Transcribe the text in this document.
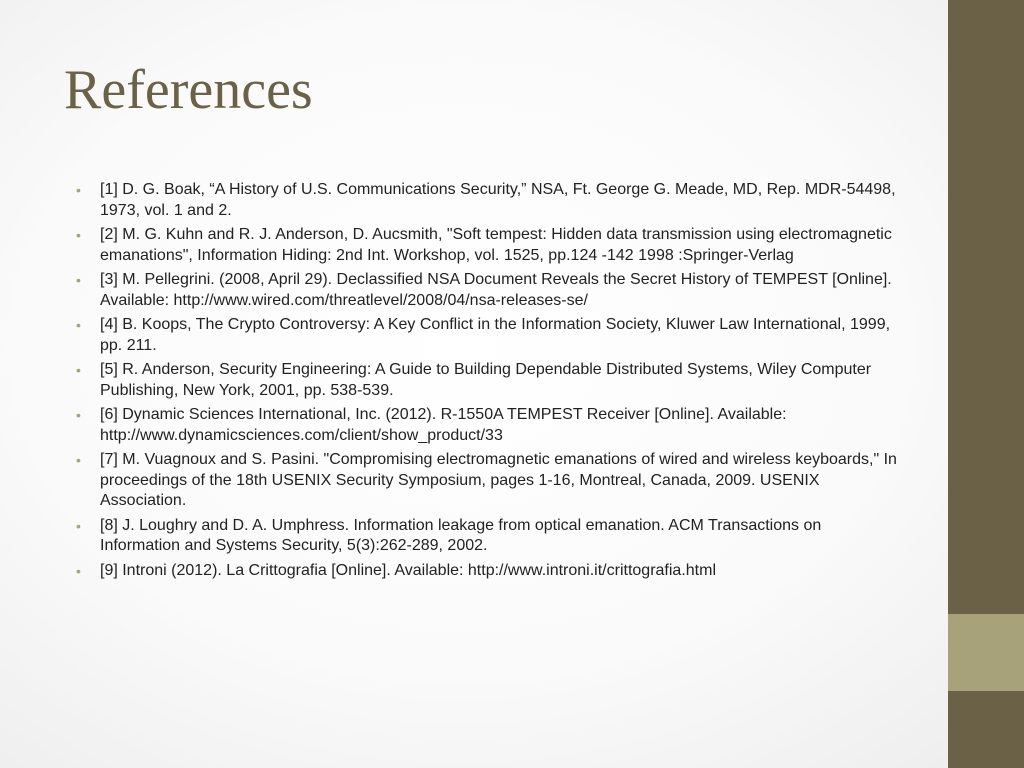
References
• [1] D. G. Boak, “A History of U.S. Communications Security,” NSA, Ft. George G. Meade, MD, Rep. MDR-54498, 1973, vol. 1 and 2.
• [2] M. G. Kuhn and R. J. Anderson, D. Aucsmith, "Soft tempest: Hidden data transmission using electromagnetic emanations", Information Hiding: 2nd Int. Workshop, vol. 1525, pp.124 -142 1998 :Springer-Verlag
• [3] M. Pellegrini. (2008, April 29). Declassified NSA Document Reveals the Secret History of TEMPEST [Online]. Available: http://www.wired.com/threatlevel/2008/04/nsa-releases-se/
• [4] B. Koops, The Crypto Controversy: A Key Conflict in the Information Society, Kluwer Law International, 1999, pp. 211.
• [5] R. Anderson, Security Engineering: A Guide to Building Dependable Distributed Systems, Wiley Computer Publishing, New York, 2001, pp. 538-539.
• [6] Dynamic Sciences International, Inc. (2012). R-1550A TEMPEST Receiver [Online]. Available: http://www.dynamicsciences.com/client/show_product/33
• [7] M. Vuagnoux and S. Pasini. "Compromising electromagnetic emanations of wired and wireless keyboards," In proceedings of the 18th USENIX Security Symposium, pages 1-16, Montreal, Canada, 2009. USENIX Association.
• [8] J. Loughry and D. A. Umphress. Information leakage from optical emanation. ACM Transactions on Information and Systems Security, 5(3):262-289, 2002.
• [9] Introni (2012). La Crittografia [Online]. Available: http://www.introni.it/crittografia.html
